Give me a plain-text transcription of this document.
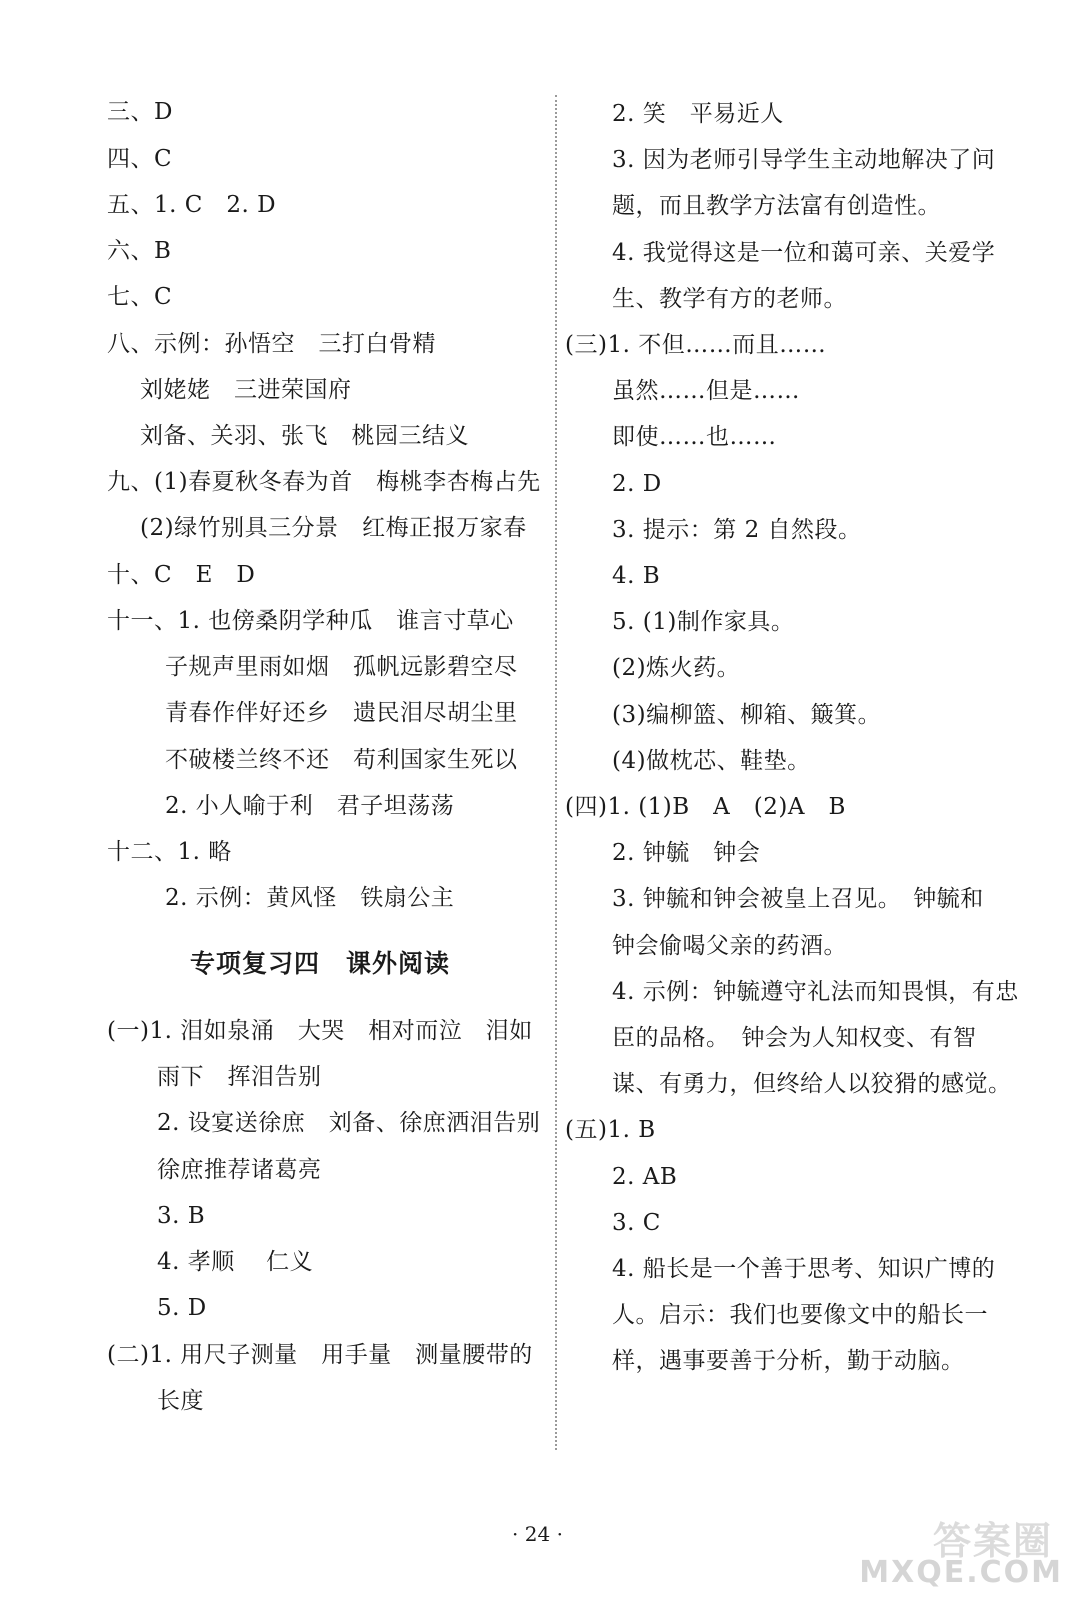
三、D
四、C
五、1. C　2. D
六、B
七、C
八、示例：孙悟空　三打白骨精
刘姥姥　三进荣国府
刘备、关羽、张飞　桃园三结义
九、(1)春夏秋冬春为首　梅桃李杏梅占先
(2)绿竹别具三分景　红梅正报万家春
十、C　E　D
十一、1. 也傍桑阴学种瓜　谁言寸草心
子规声里雨如烟　孤帆远影碧空尽
青春作伴好还乡　遗民泪尽胡尘里
不破楼兰终不还　苟利国家生死以
2. 小人喻于利　君子坦荡荡
十二、1. 略
2. 示例：黄风怪　铁扇公主
专项复习四　课外阅读
(一)1. 泪如泉涌　大哭　相对而泣　泪如
雨下　挥泪告别
2. 设宴送徐庶　刘备、徐庶洒泪告别
徐庶推荐诸葛亮
3. B
4. 孝顺　 仁义
5. D
(二)1. 用尺子测量　用手量　测量腰带的
长度
2. 笑　平易近人
3. 因为老师引导学生主动地解决了问
题，而且教学方法富有创造性。
4. 我觉得这是一位和蔼可亲、关爱学
生、教学有方的老师。
(三)1. 不但……而且……
虽然……但是……
即使……也……
2. D
3. 提示：第 2 自然段。
4. B
5. (1)制作家具。
(2)炼火药。
(3)编柳篮、柳箱、簸箕。
(4)做枕芯、鞋垫。
(四)1. (1)B　A　(2)A　B
2. 钟毓　钟会
3. 钟毓和钟会被皇上召见。　钟毓和
钟会偷喝父亲的药酒。
4. 示例：钟毓遵守礼法而知畏惧，有忠
臣的品格。　钟会为人知权变、有智
谋、有勇力，但终给人以狡猾的感觉。
(五)1. B
2. AB
3. C
4. 船长是一个善于思考、知识广博的
人。启示：我们也要像文中的船长一
样，遇事要善于分析，勤于动脑。
· 24 ·	答案圈
MXQE.COM
